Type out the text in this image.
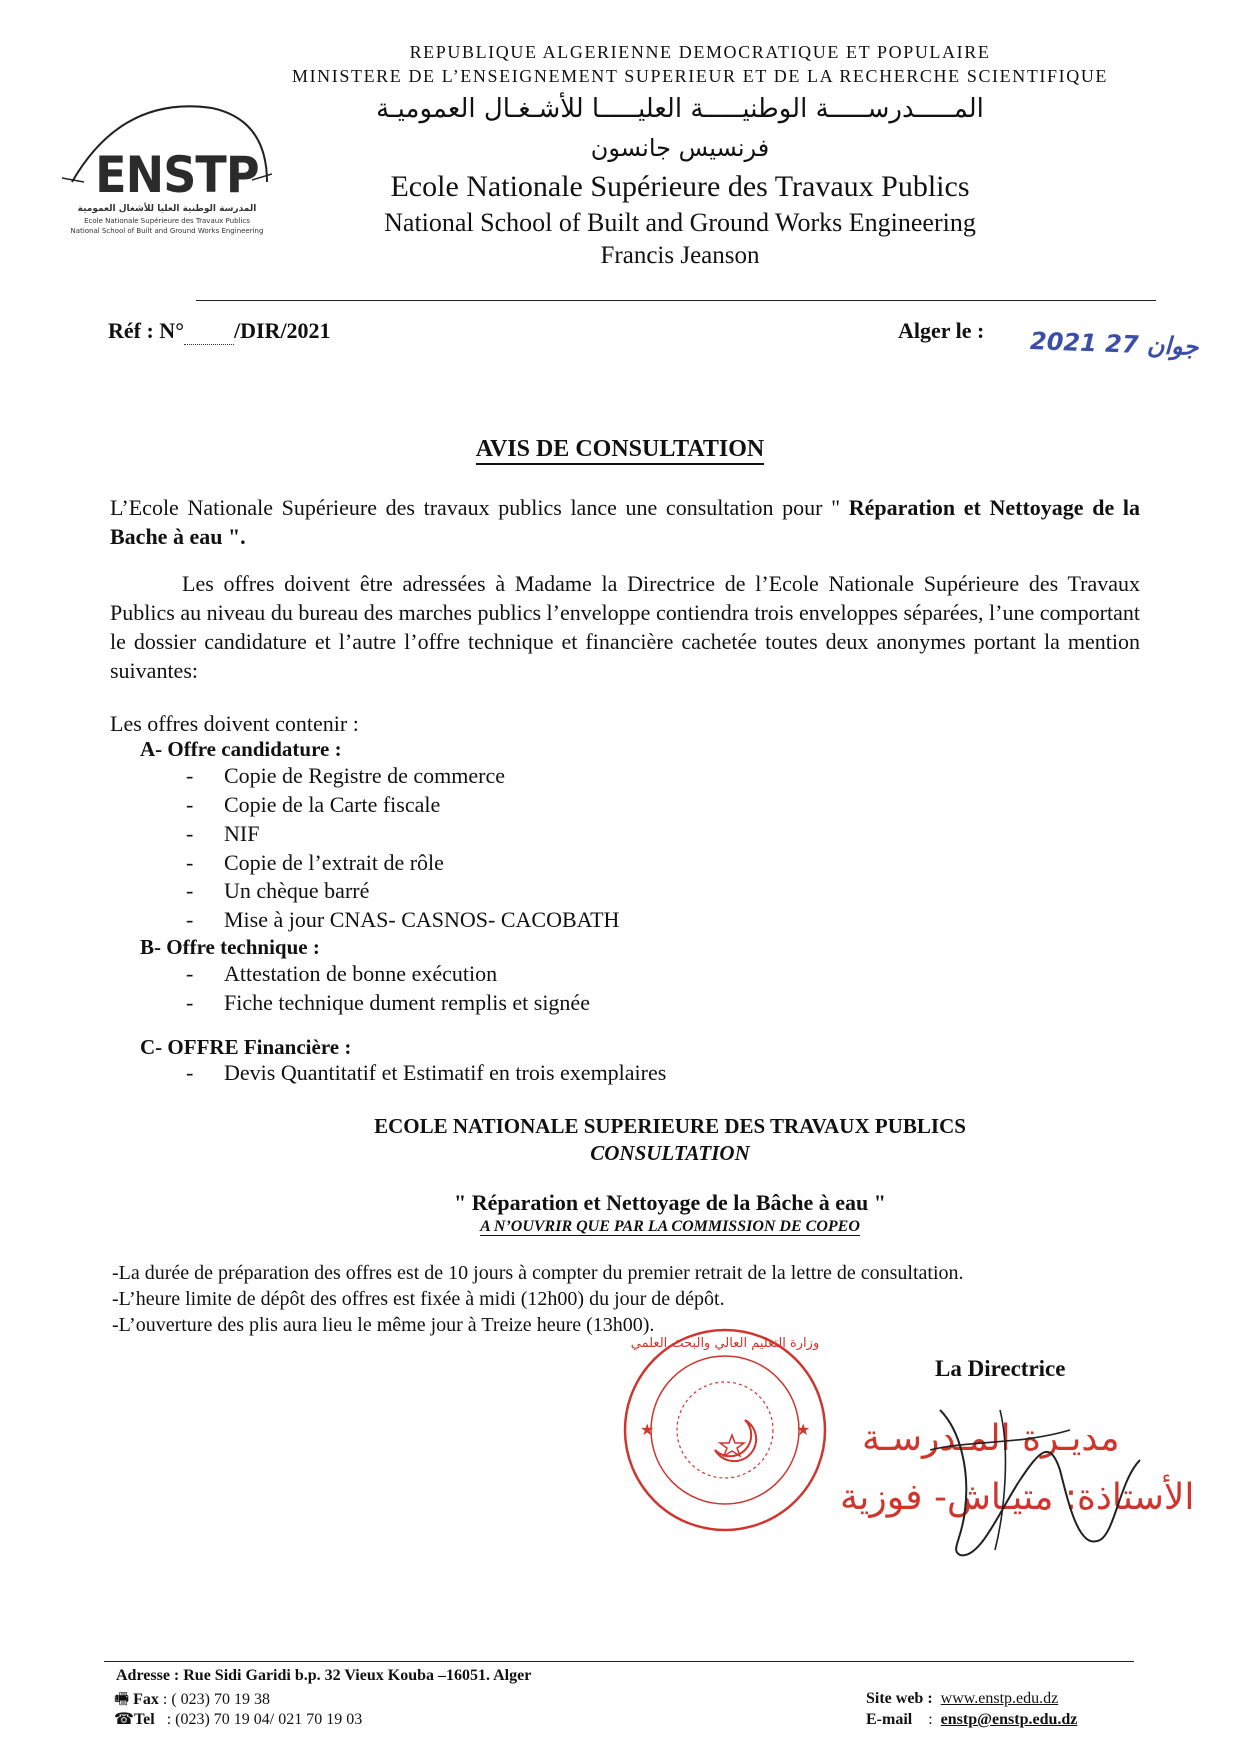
REPUBLIQUE ALGERIENNE DEMOCRATIQUE ET POPULAIRE
MINISTERE DE L’ENSEIGNEMENT SUPERIEUR ET DE LA RECHERCHE SCIENTIFIQUE
المـــــدرســـــة الوطنيـــــة العليـــــا للأشـغـال العموميـة
فرنسيس جانسون
Ecole Nationale Supérieure des Travaux Publics
National School of Built and Ground Works Engineering
Francis Jeanson
ENSTP
المدرسة الوطنية العليا للأشغال العمومية
Ecole Nationale Supérieure des Travaux Publics
National School of Built and Ground Works Engineering
Réf : N° /DIR/2021	Alger le : 2021 جوان 27
AVIS DE CONSULTATION
L’Ecole Nationale Supérieure des travaux publics lance une consultation pour " Réparation et Nettoyage de la Bache à eau ".
Les offres doivent être adressées à Madame la Directrice de l’Ecole Nationale Supérieure des Travaux Publics au niveau du bureau des marches publics l’enveloppe contiendra trois enveloppes séparées, l’une comportant le dossier candidature et l’autre l’offre technique et financière cachetée toutes deux anonymes portant la mention suivantes:
Les offres doivent contenir :
A- Offre candidature :
- Copie de Registre de commerce
- Copie de la Carte fiscale
- NIF
- Copie de l’extrait de rôle
- Un chèque barré
- Mise à jour CNAS- CASNOS- CACOBATH
B- Offre technique :
- Attestation de bonne exécution
- Fiche technique dument remplis et signée
C- OFFRE Financière :
- Devis Quantitatif et Estimatif en trois exemplaires
ECOLE NATIONALE SUPERIEURE DES TRAVAUX PUBLICS
CONSULTATION
" Réparation et Nettoyage de la Bâche à eau "
A N’OUVRIR QUE PAR LA COMMISSION DE COPEO
-La durée de préparation des offres est de 10 jours à compter du premier retrait de la lettre de consultation.
-L’heure limite de dépôt des offres est fixée à midi (12h00) du jour de dépôt.
-L’ouverture des plis aura lieu le même jour à Treize heure (13h00).
وزارة التعليم العالي والبحث العلمي
★	★
La Directrice
مديـرة المـدرسـة
الأستاذة: متيـاش- فوزية
Adresse : Rue Sidi Garidi b.p. 32 Vieux Kouba –16051. Alger
🖷 Fax : ( 023) 70 19 38
☎Tel   : (023) 70 19 04/ 021 70 19 03
Site web : www.enstp.edu.dz
E-mail    :  enstp@enstp.edu.dz
